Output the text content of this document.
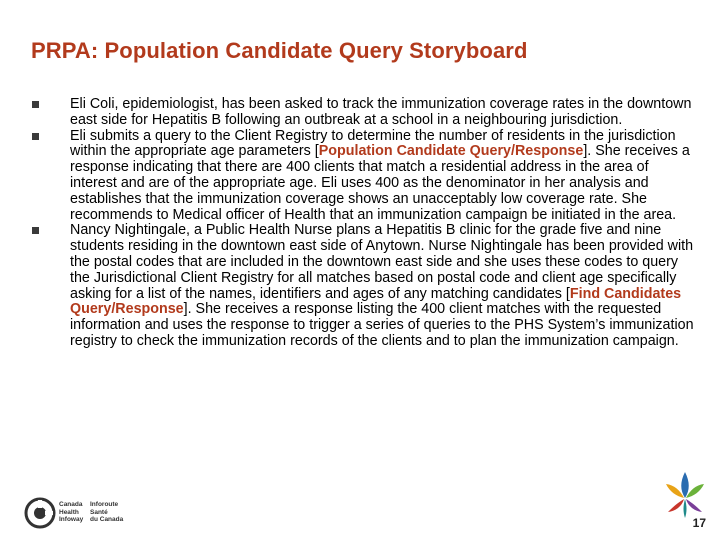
PRPA: Population Candidate Query Storyboard
Eli Coli, epidemiologist, has been asked to track the immunization coverage rates in the downtown east side for Hepatitis B following an outbreak at a school in a neighbouring jurisdiction.
Eli submits a query to the Client Registry to determine the number of residents in the jurisdiction within the appropriate age parameters [Population Candidate Query/Response]. She receives a response indicating that there are 400 clients that match a residential address in the area of interest and are of the appropriate age. Eli uses 400 as the denominator in her analysis and establishes that the immunization coverage shows an unacceptably low coverage rate. She recommends to Medical officer of Health that an immunization campaign be initiated in the area.
Nancy Nightingale, a Public Health Nurse plans a Hepatitis B clinic for the grade five and nine students residing in the downtown east side of Anytown. Nurse Nightingale has been provided with the postal codes that are included in the downtown east side and she uses these codes to query the Jurisdictional Client Registry for all matches based on postal code and client age specifically asking for a list of the names, identifiers and ages of any matching candidates [Find Candidates Query/Response]. She receives a response listing the 400 client matches with the requested information and uses the response to trigger a series of queries to the PHS System’s immunization registry to check the immunization records of the clients and to plan the immunization campaign.
Canada
Health
Infoway
Inforoute
Santé
du Canada	17
